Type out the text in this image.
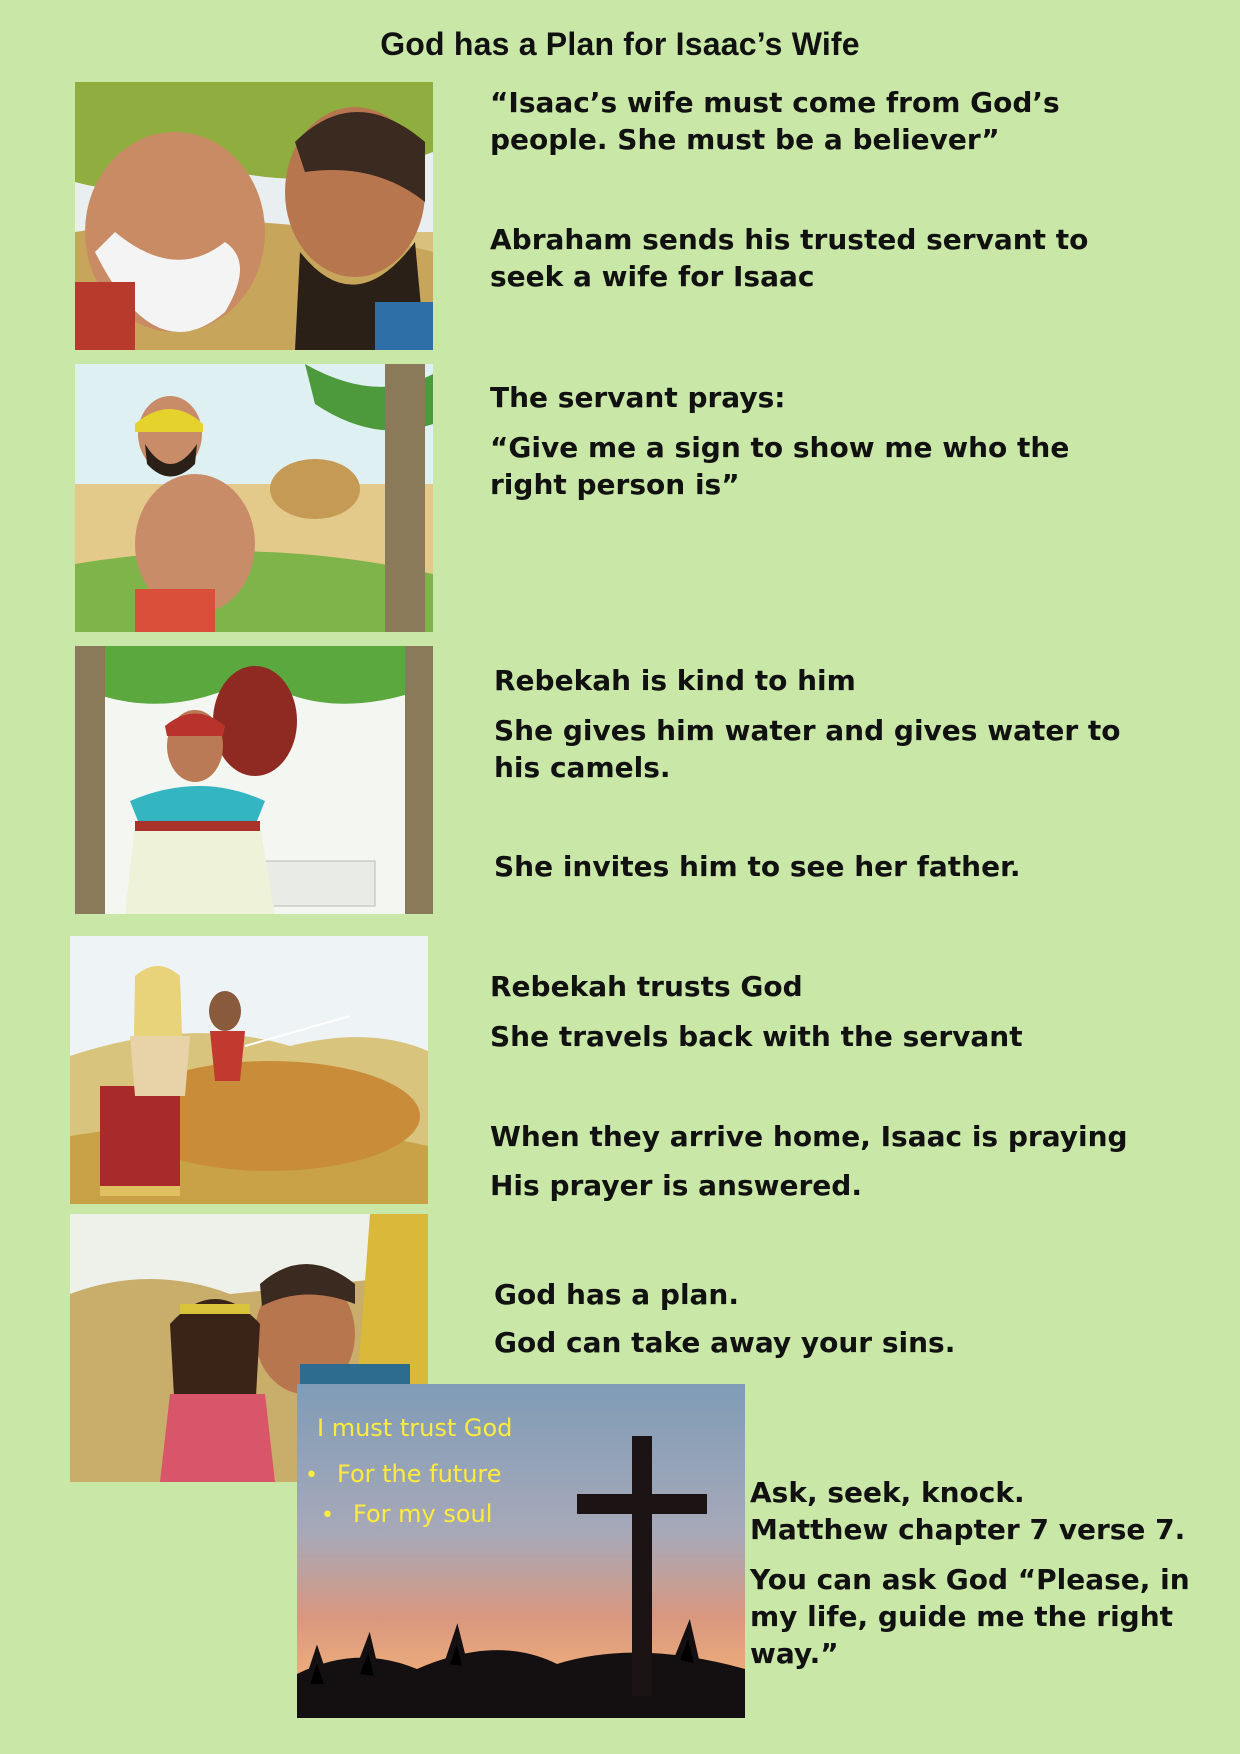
God has a Plan for Isaac’s Wife
“Isaac’s wife must come from God’s
people. She must be a believer”
Abraham sends his trusted servant to
seek a wife for Isaac
The servant prays:
“Give me a sign to show me who the
right person is”
Rebekah is kind to him
She gives him water and gives water to
his camels.
She invites him to see her father.
Rebekah trusts God
She travels back with the servant
When they arrive home, Isaac is praying
His prayer is answered.
God has a plan.
God can take away your sins.
I must trust God
• For the future
• For my soul
Ask, seek, knock.
Matthew chapter 7 verse 7.
You can ask God “Please, in
my life, guide me the right
way.”
